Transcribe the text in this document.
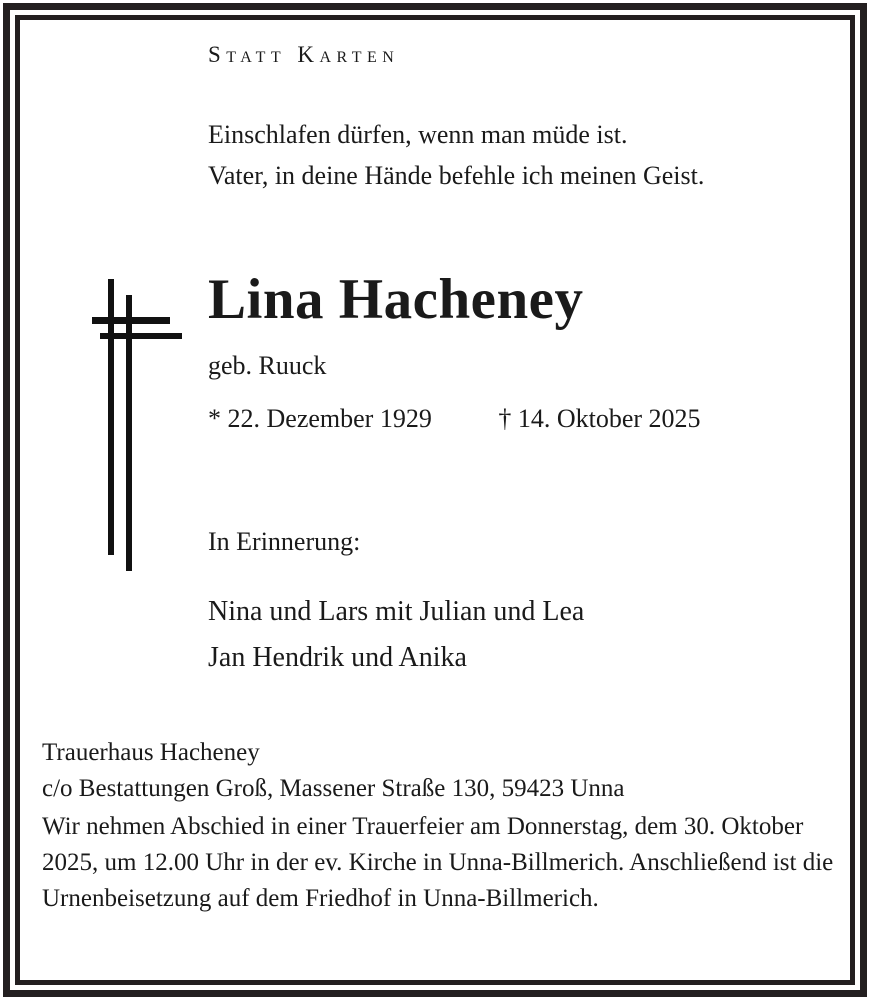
Statt Karten
Einschlafen dürfen, wenn man müde ist.
Vater, in deine Hände befehle ich meinen Geist.
Lina Hacheney
geb. Ruuck
* 22. Dezember 1929	† 14. Oktober 2025
In Erinnerung:
Nina und Lars mit Julian und Lea
Jan Hendrik und Anika
Trauerhaus Hacheney
c/o Bestattungen Groß, Massener Straße 130, 59423 Unna
Wir nehmen Abschied in einer Trauerfeier am Donnerstag, dem 30. Oktober 2025, um 12.00 Uhr in der ev. Kirche in Unna-Billmerich. Anschließend ist die Urnenbeisetzung auf dem Friedhof in Unna-Billmerich.
